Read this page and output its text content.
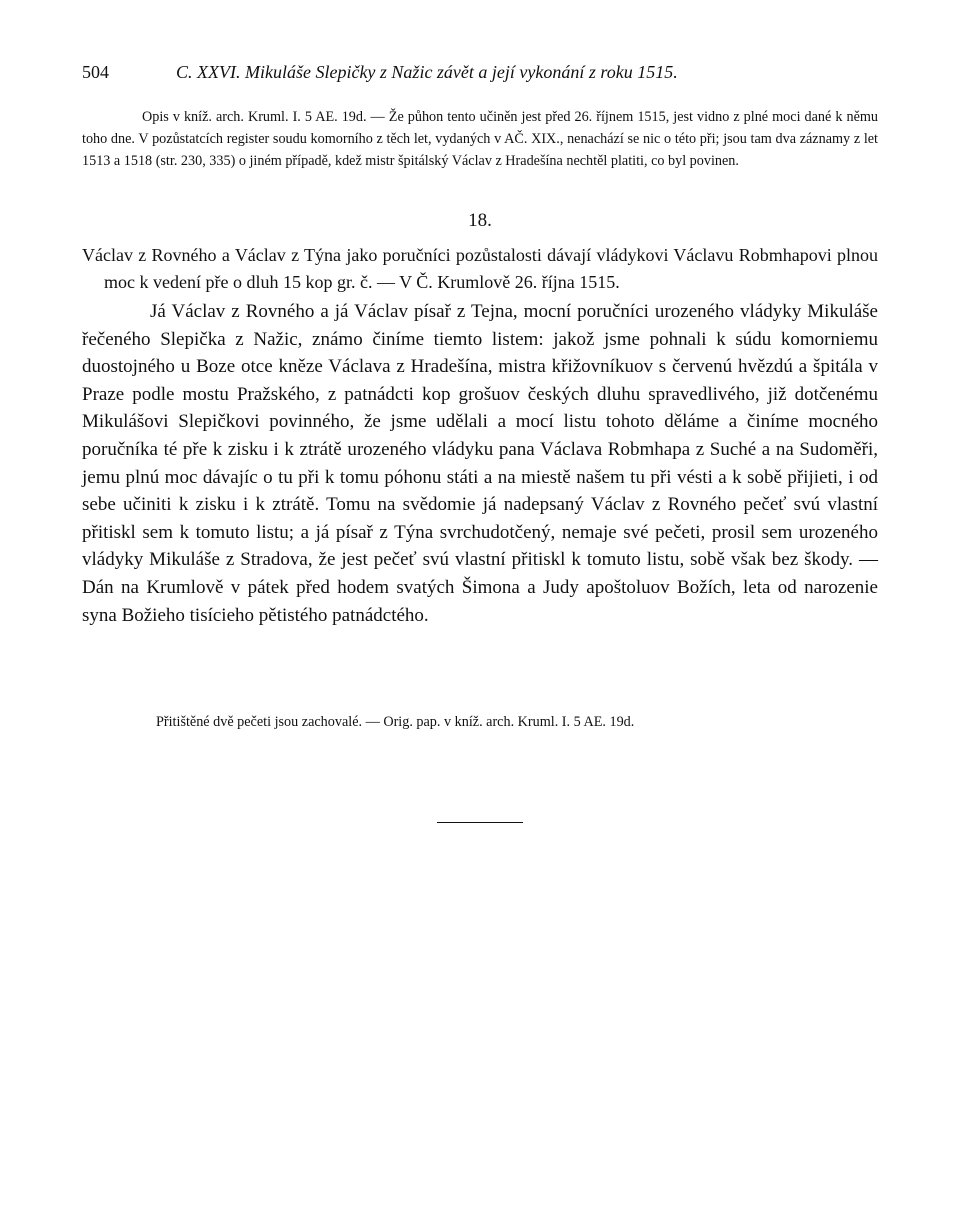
504	C. XXVI. Mikuláše Slepičky z Nažic závět a její vykonání z roku 1515.

Opis v kníž. arch. Kruml. I. 5 AE. 19d. — Že půhon tento učiněn jest před 26. říjnem 1515, jest vidno z plné moci dané k němu toho dne. V pozůstatcích register soudu komorního z těch let, vydaných v AČ. XIX., nenachází se nic o této při; jsou tam dva záznamy z let 1513 a 1518 (str. 230, 335) o jiném případě, kdež mistr špitálský Václav z Hradešína nechtěl platiti, co byl povinen.

18.

Václav z Rovného a Václav z Týna jako poručníci pozůstalosti dávají vládykovi Václavu Robmhapovi plnou moc k vedení pře o dluh 15 kop gr. č. — V Č. Krumlově 26. října 1515.

Já Václav z Rovného a já Václav písař z Tejna, mocní poručníci urozeného vládyky Mikuláše řečeného Slepička z Nažic, známo činíme tiemto listem: jakož jsme pohnali k súdu komorniemu duostojného u Boze otce kněze Václava z Hradešína, mistra křižovníkuov s červenú hvězdú a špitála v Praze podle mostu Pražského, z patnádcti kop grošuov českých dluhu spravedlivého, již dotčenému Mikulášovi Slepičkovi povinného, že jsme udělali a mocí listu tohoto děláme a činíme mocného poručníka té pře k zisku i k ztrátě urozeného vládyku pana Václava Robmhapa z Suché a na Sudoměři, jemu plnú moc dávajíc o tu při k tomu póhonu státi a na miestě našem tu při vésti a k sobě přijieti, i od sebe učiniti k zisku i k ztrátě. Tomu na svědomie já nadepsaný Václav z Rovného pečeť svú vlastní přitiskl sem k tomuto listu; a já písař z Týna svrchudotčený, nemaje své pečeti, prosil sem urozeného vládyky Mikuláše z Stradova, že jest pečeť svú vlastní přitiskl k tomuto listu, sobě však bez škody. — Dán na Krumlově v pátek před hodem svatých Šimona a Judy apoštoluov Božích, leta od narozenie syna Božieho tisícieho pětistého patnádctého.

Přitištěné dvě pečeti jsou zachovalé. — Orig. pap. v kníž. arch. Kruml. I. 5 AE. 19d.
